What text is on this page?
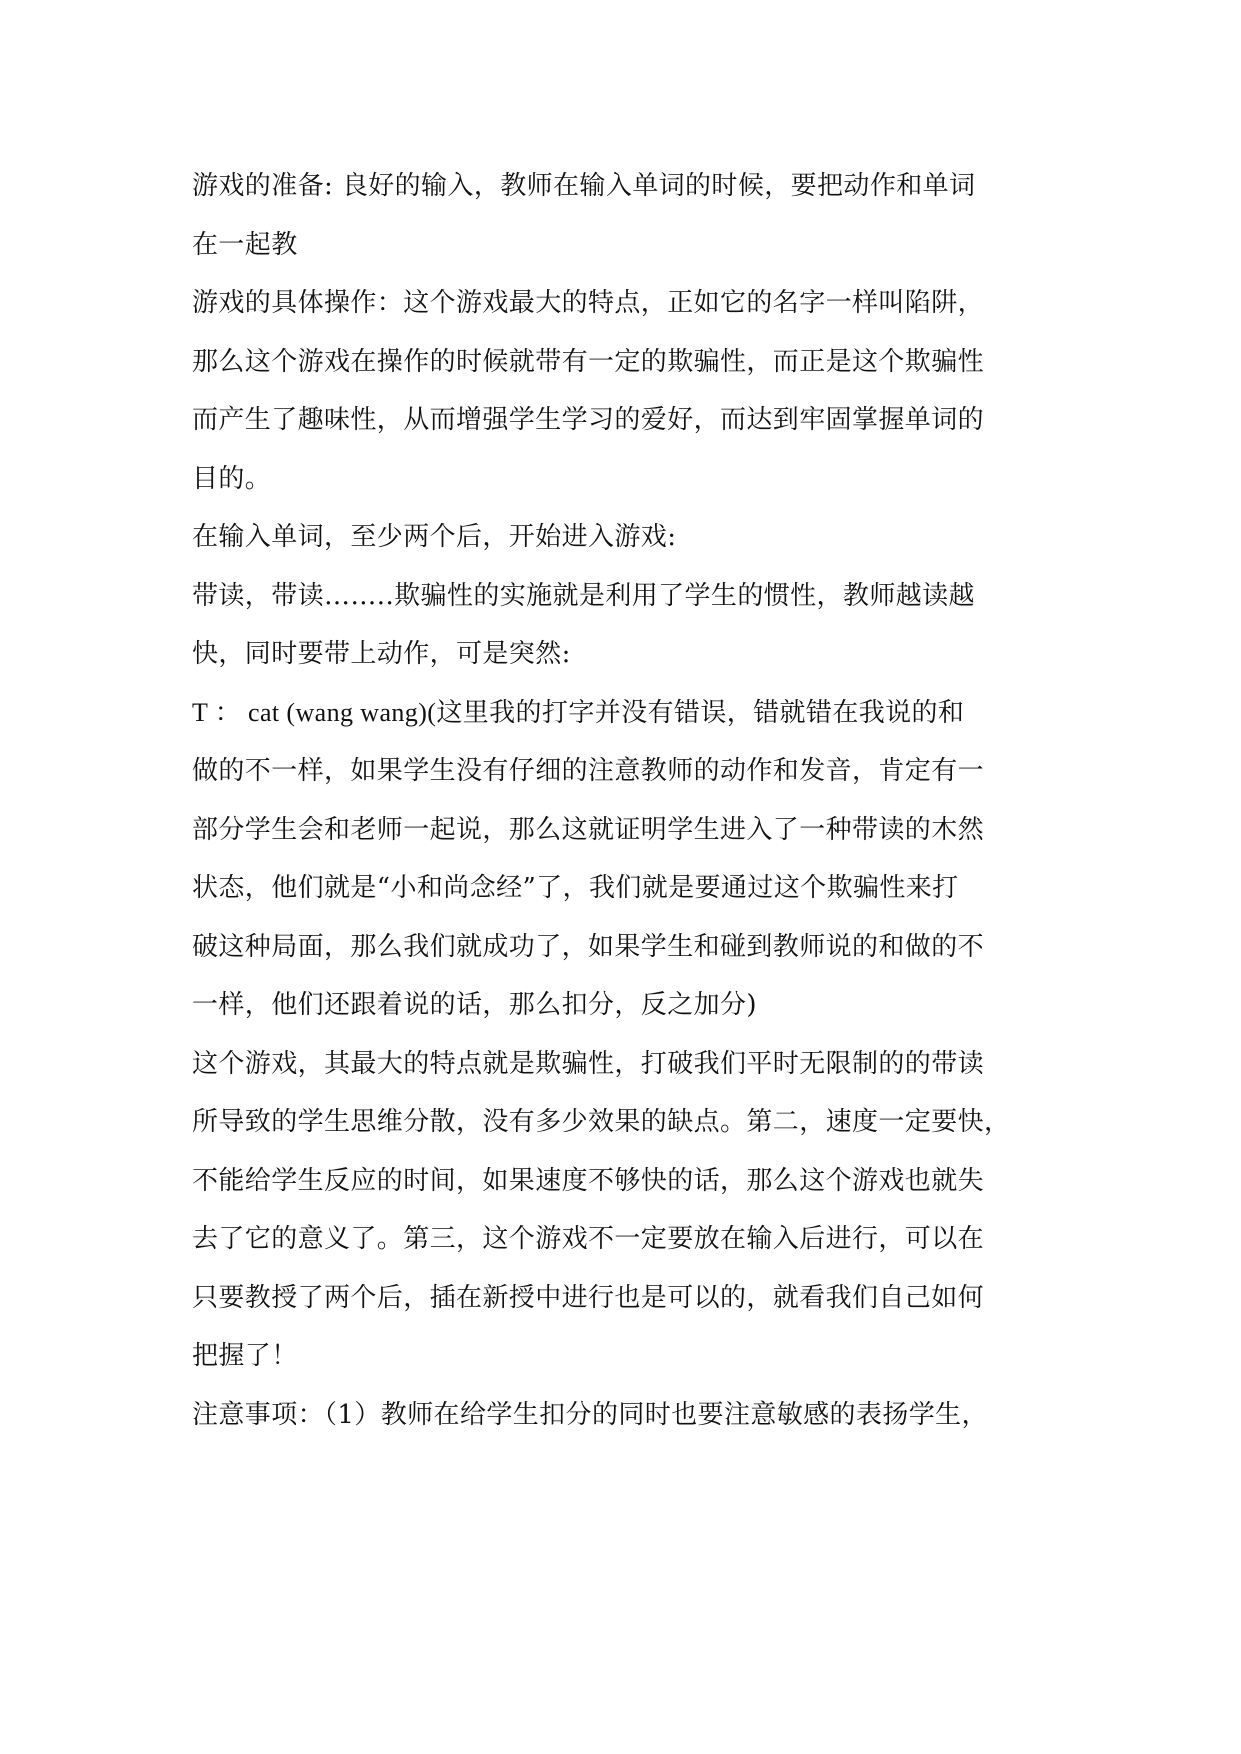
游戏的准备: 良好的输入，教师在输入单词的时候，要把动作和单词
在一起教
游戏的具体操作：这个游戏最大的特点，正如它的名字一样叫陷阱，
那么这个游戏在操作的时候就带有一定的欺骗性，而正是这个欺骗性
而产生了趣味性，从而增强学生学习的爱好，而达到牢固掌握单词的
目的。
在输入单词，至少两个后，开始进入游戏:
带读，带读……..欺骗性的实施就是利用了学生的惯性，教师越读越
快，同时要带上动作，可是突然:
T ： cat (wang wang)(这里我的打字并没有错误，错就错在我说的和
做的不一样，如果学生没有仔细的注意教师的动作和发音，肯定有一
部分学生会和老师一起说，那么这就证明学生进入了一种带读的木然
状态，他们就是“小和尚念经”了，我们就是要通过这个欺骗性来打
破这种局面，那么我们就成功了，如果学生和碰到教师说的和做的不
一样，他们还跟着说的话，那么扣分，反之加分)
这个游戏，其最大的特点就是欺骗性，打破我们平时无限制的的带读
所导致的学生思维分散，没有多少效果的缺点。第二，速度一定要快，
不能给学生反应的时间，如果速度不够快的话，那么这个游戏也就失
去了它的意义了。第三，这个游戏不一定要放在输入后进行，可以在
只要教授了两个后，插在新授中进行也是可以的，就看我们自己如何
把握了！
注意事项：（1）教师在给学生扣分的同时也要注意敏感的表扬学生，
